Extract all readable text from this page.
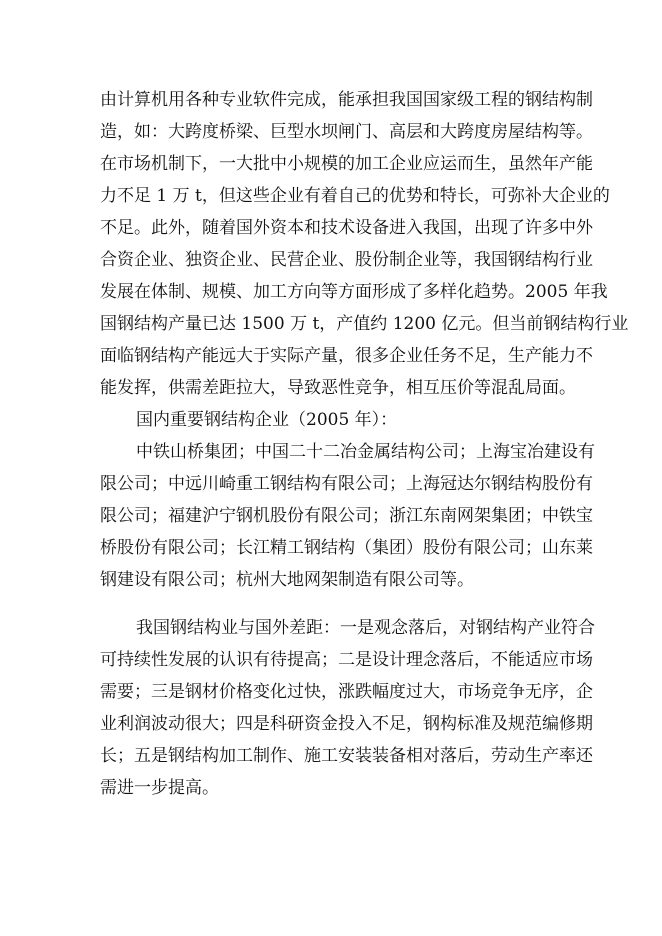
由计算机用各种专业软件完成，能承担我国国家级工程的钢结构制
造，如：大跨度桥梁、巨型水坝闸门、高层和大跨度房屋结构等。
在市场机制下，一大批中小规模的加工企业应运而生，虽然年产能
力不足 1 万 t，但这些企业有着自己的优势和特长，可弥补大企业的
不足。此外，随着国外资本和技术设备进入我国，出现了许多中外
合资企业、独资企业、民营企业、股份制企业等，我国钢结构行业
发展在体制、规模、加工方向等方面形成了多样化趋势。2005 年我
国钢结构产量已达 1500 万 t，产值约 1200 亿元。但当前钢结构行业
面临钢结构产能远大于实际产量，很多企业任务不足，生产能力不
能发挥，供需差距拉大，导致恶性竞争，相互压价等混乱局面。
国内重要钢结构企业（2005 年）：
中铁山桥集团；中国二十二冶金属结构公司；上海宝冶建设有
限公司；中远川崎重工钢结构有限公司；上海冠达尔钢结构股份有
限公司；福建沪宁钢机股份有限公司；浙江东南网架集团；中铁宝
桥股份有限公司；长江精工钢结构（集团）股份有限公司；山东莱
钢建设有限公司；杭州大地网架制造有限公司等。
我国钢结构业与国外差距：一是观念落后，对钢结构产业符合
可持续性发展的认识有待提高；二是设计理念落后，不能适应市场
需要；三是钢材价格变化过快，涨跌幅度过大，市场竞争无序，企
业利润波动很大；四是科研资金投入不足，钢构标准及规范编修期
长；五是钢结构加工制作、施工安装装备相对落后，劳动生产率还
需进一步提高。
